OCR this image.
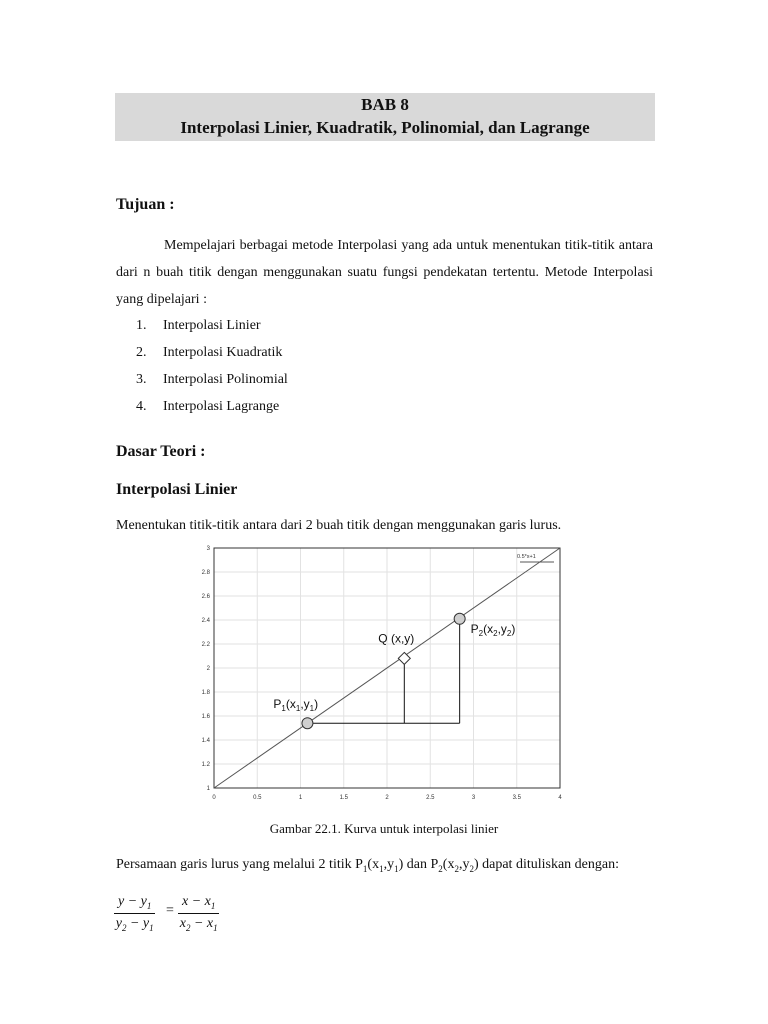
BAB 8
Interpolasi Linier, Kuadratik, Polinomial, dan Lagrange
Tujuan :
Mempelajari berbagai metode Interpolasi yang ada untuk menentukan titik-titik antara dari n buah titik dengan menggunakan suatu fungsi pendekatan tertentu. Metode Interpolasi yang dipelajari :
1. Interpolasi Linier
2. Interpolasi Kuadratik
3. Interpolasi Polinomial
4. Interpolasi Lagrange
Dasar Teori :
Interpolasi Linier
Menentukan titik-titik antara dari 2 buah titik dengan menggunakan garis lurus.
0	0.5	1	1.5	2	2.5	3	3.5	4
1
1.2
1.4
1.6
1.8
2
2.2
2.4
2.6
2.8
3
0.5*x+1
$P_1(x_1,y_1)$
$P_2(x_2,y_2)$
Q (x,y)
Gambar 22.1. Kurva untuk interpolasi linier
Persamaan garis lurus yang melalui 2 titik $P_1(x_1,y_1)$ dan $P_2(x_2,y_2)$ dapat dituliskan dengan:
$\frac{y - y_1}{y_2 - y_1} = \frac{x - x_1}{x_2 - x_1}$
